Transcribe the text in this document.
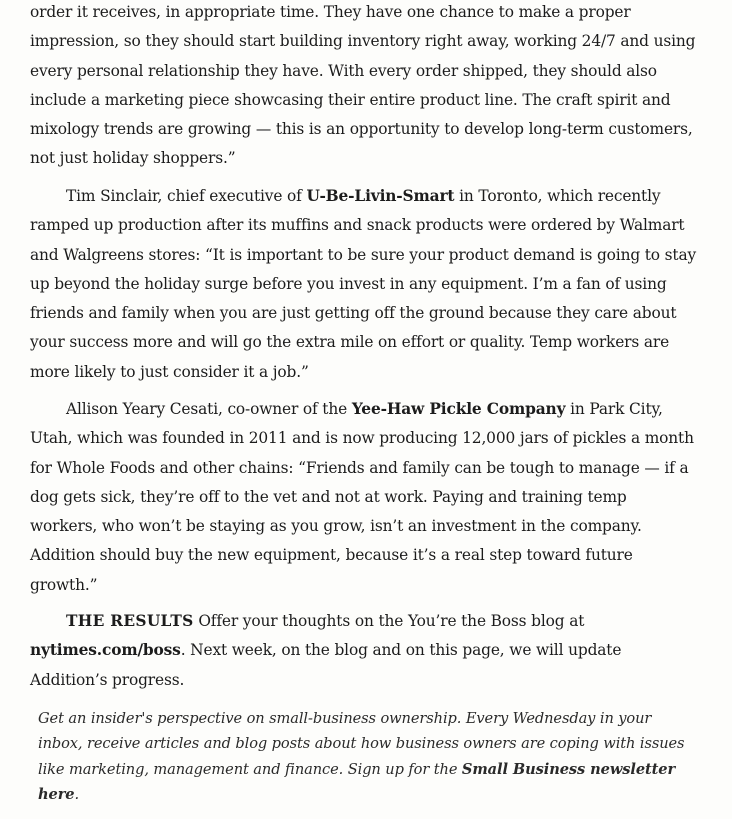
order it receives, in appropriate time. They have one chance to make a proper impression, so they should start building inventory right away, working 24/7 and using every personal relationship they have. With every order shipped, they should also include a marketing piece showcasing their entire product line. The craft spirit and mixology trends are growing — this is an opportunity to develop long-term customers, not just holiday shoppers.”

Tim Sinclair, chief executive of U-Be-Livin-Smart in Toronto, which recently ramped up production after its muffins and snack products were ordered by Walmart and Walgreens stores: “It is important to be sure your product demand is going to stay up beyond the holiday surge before you invest in any equipment. I’m a fan of using friends and family when you are just getting off the ground because they care about your success more and will go the extra mile on effort or quality. Temp workers are more likely to just consider it a job.”

Allison Yeary Cesati, co-owner of the Yee-Haw Pickle Company in Park City, Utah, which was founded in 2011 and is now producing 12,000 jars of pickles a month for Whole Foods and other chains: “Friends and family can be tough to manage — if a dog gets sick, they’re off to the vet and not at work. Paying and training temp workers, who won’t be staying as you grow, isn’t an investment in the company. Addition should buy the new equipment, because it’s a real step toward future growth.”

THE RESULTS Offer your thoughts on the You’re the Boss blog at nytimes.com/boss. Next week, on the blog and on this page, we will update Addition’s progress.

Get an insider's perspective on small-business ownership. Every Wednesday in your inbox, receive articles and blog posts about how business owners are coping with issues like marketing, management and finance. Sign up for the Small Business newsletter here.
